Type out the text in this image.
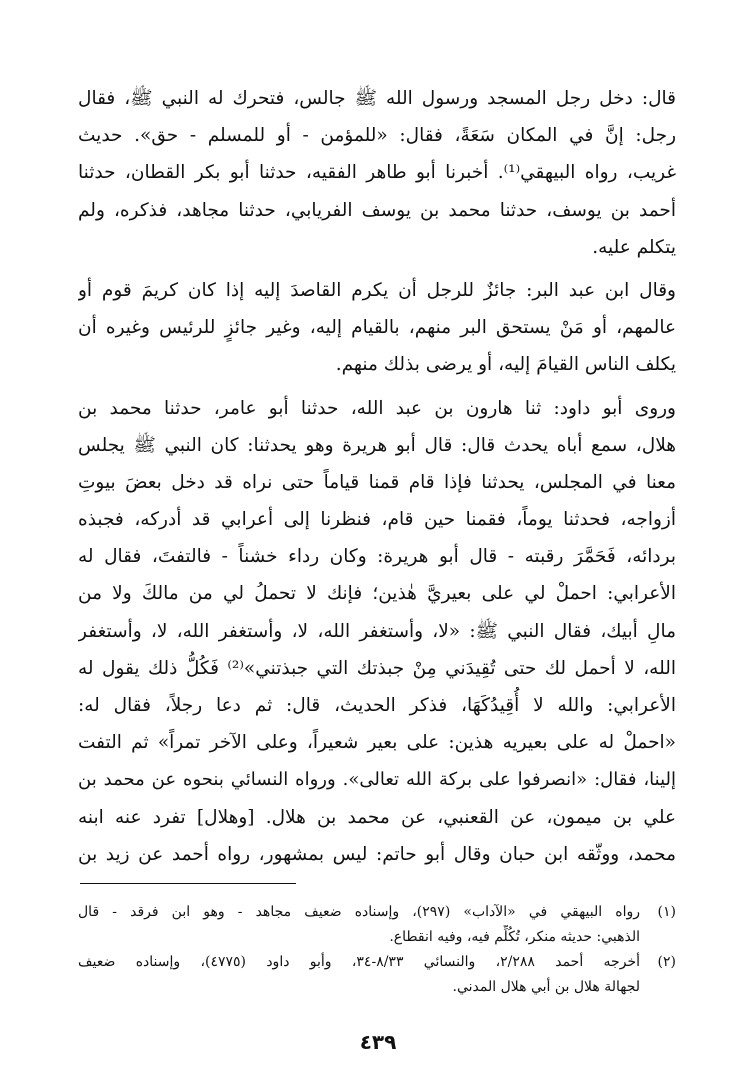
قال: دخل رجل المسجد ورسول الله ﷺ جالس، فتحرك له النبي ﷺ، فقال
رجل: إنَّ في المكان سَعَةً، فقال: «للمؤمن - أو للمسلم - حق». حديث
غريب، رواه البيهقي⁽¹⁾. أخبرنا أبو طاهر الفقيه، حدثنا أبو بكر القطان، حدثنا
أحمد بن يوسف، حدثنا محمد بن يوسف الفريابي، حدثنا مجاهد، فذكره، ولم
يتكلم عليه.
وقال ابن عبد البر: جائزٌ للرجل أن يكرم القاصدَ إليه إذا كان كريمَ قوم أو
عالمهم، أو مَنْ يستحق البر منهم، بالقيام إليه، وغير جائزٍ للرئيس وغيره أن
يكلف الناس القيامَ إليه، أو يرضى بذلك منهم.
وروى أبو داود: ثنا هارون بن عبد الله، حدثنا أبو عامر، حدثنا محمد بن
هلال، سمع أباه يحدث قال: قال أبو هريرة وهو يحدثنا: كان النبي ﷺ يجلس
معنا في المجلس، يحدثنا فإذا قام قمنا قياماً حتى نراه قد دخل بعضَ بيوتِ
أزواجه، فحدثنا يوماً، فقمنا حين قام، فنظرنا إلى أعرابي قد أدركه، فجبذه
بردائه، فَحَمَّرَ رقبته - قال أبو هريرة: وكان رداء خشناً - فالتفتَ، فقال له
الأعرابي: احملْ لي على بعيريَّ هٰذين؛ فإنك لا تحملُ لي من مالكَ ولا من
مالِ أبيك، فقال النبي ﷺ: «لا، وأستغفر الله، لا، وأستغفر الله، لا، وأستغفر
الله، لا أحمل لك حتى تُقِيدَني مِنْ جبذتك التي جبذتني»⁽²⁾ فَكُلُّ ذلك يقول له
الأعرابي: والله لا أُقِيدُكَهَا، فذكر الحديث، قال: ثم دعا رجلاً، فقال له:
«احملْ له على بعيريه هذين: على بعير شعيراً، وعلى الآخر تمراً» ثم التفت
إلينا، فقال: «انصرفوا على بركة الله تعالى». ورواه النسائي بنحوه عن محمد بن
علي بن ميمون، عن القعنبي، عن محمد بن هلال. [وهلال] تفرد عنه ابنه
محمد، ووثّقه ابن حبان وقال أبو حاتم: ليس بمشهور، رواه أحمد عن زيد بن
(١)
رواه البيهقي في «الآداب» (٢٩٧)، وإسناده ضعيف مجاهد - وهو ابن فرقد - قال
الذهبي: حديثه منكر، تُكُلِّم فيه، وفيه انقطاع.
(٢)
أخرجه أحمد ٢/٢٨٨، والنسائي ٨/٣٣-٣٤، وأبو داود (٤٧٧٥)، وإسناده ضعيف
لجهالة هلال بن أبي هلال المدني.
٤٣٩
